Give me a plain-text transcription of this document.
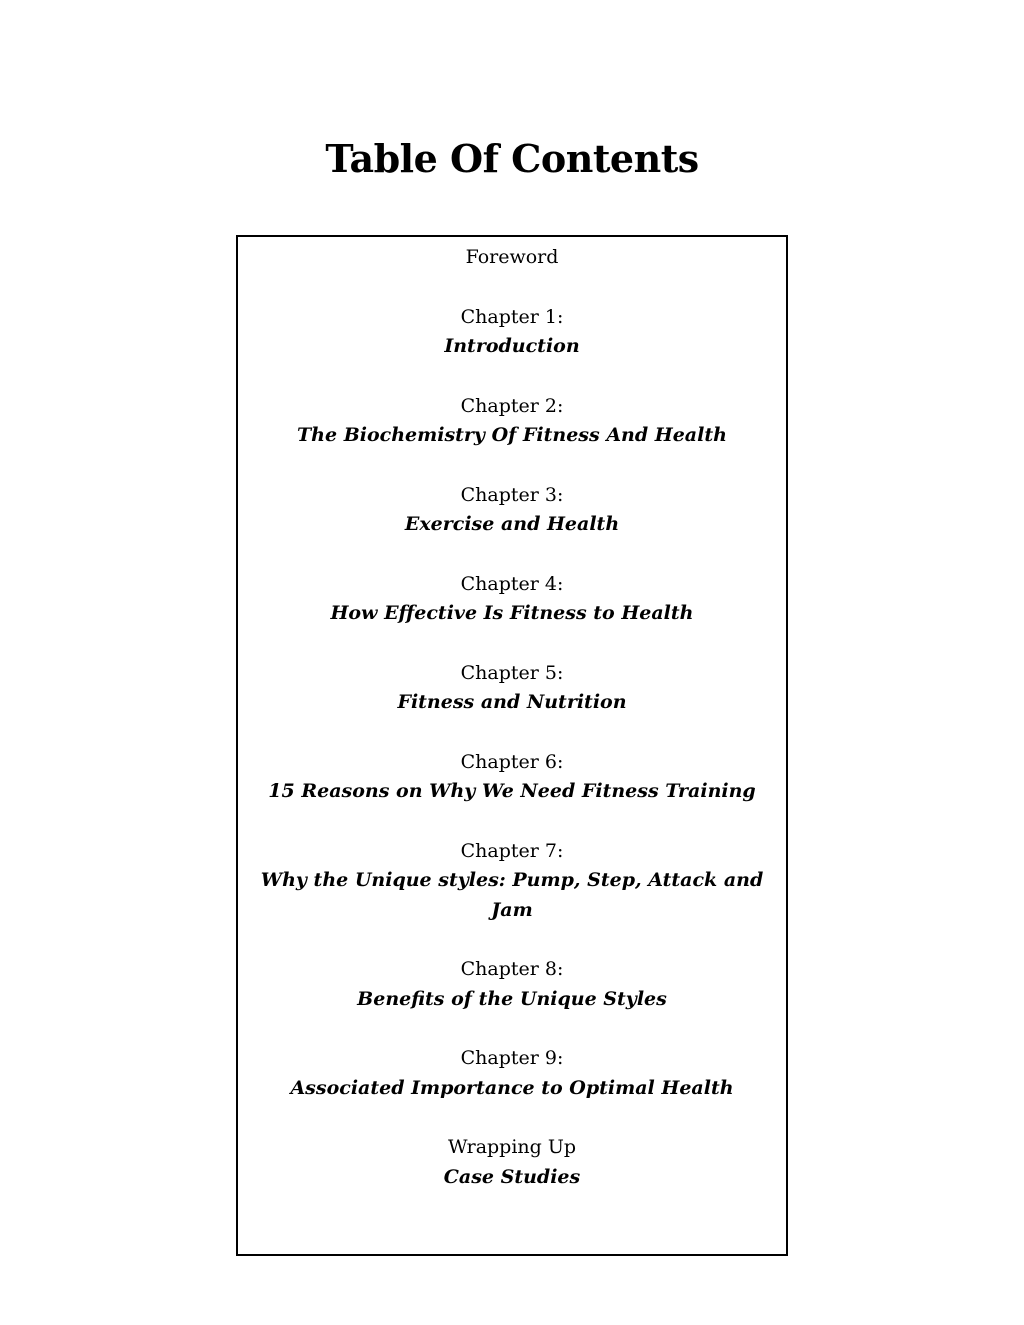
Table Of Contents
Foreword
Chapter 1:
Introduction
Chapter 2:
The Biochemistry Of Fitness And Health
Chapter 3:
Exercise and Health
Chapter 4:
How Effective Is Fitness to Health
Chapter 5:
Fitness and Nutrition
Chapter 6:
15 Reasons on Why We Need Fitness Training
Chapter 7:
Why the Unique styles: Pump, Step, Attack and Jam
Chapter 8:
Benefits of the Unique Styles
Chapter 9:
Associated Importance to Optimal Health
Wrapping Up
Case Studies
